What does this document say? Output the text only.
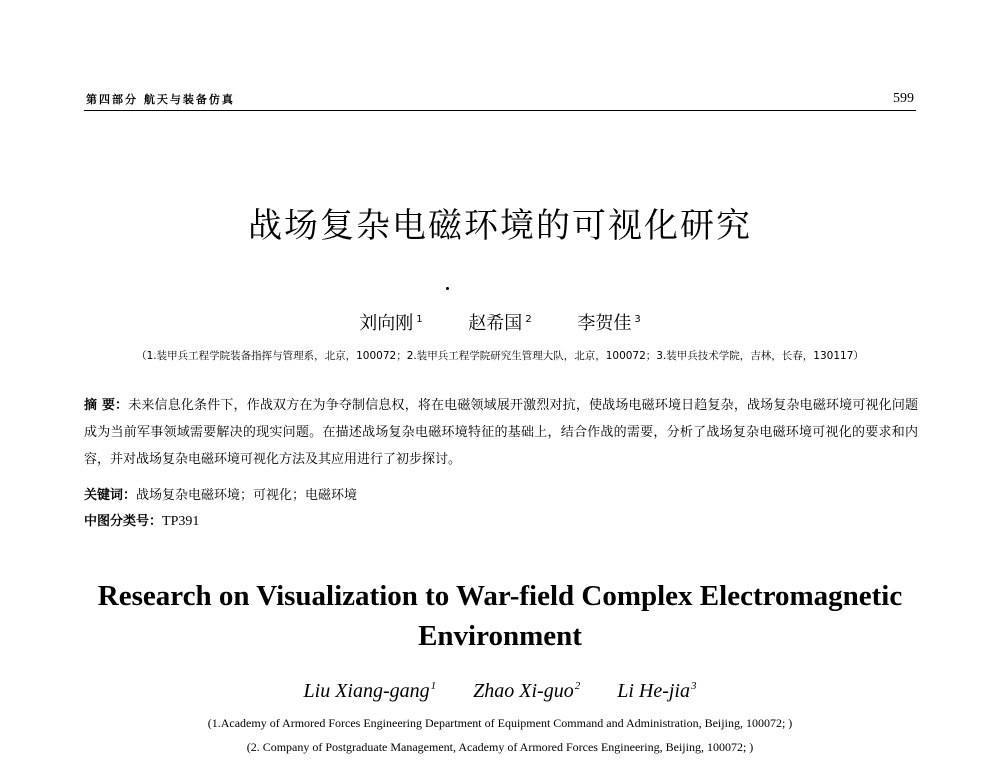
第四部分 航天与装备仿真	599
战场复杂电磁环境的可视化研究
刘向刚 $^1$	赵希国 $^2$	李贺佳 $^3$
（1.装甲兵工程学院装备指挥与管理系，北京，100072；2.装甲兵工程学院研究生管理大队，北京，100072；3.装甲兵技术学院，吉林，长春，130117）
摘 要：未来信息化条件下，作战双方在为争夺制信息权，将在电磁领域展开激烈对抗，使战场电磁环境日趋复杂，战场复杂电磁环境可视化问题成为当前军事领域需要解决的现实问题。在描述战场复杂电磁环境特征的基础上，结合作战的需要，分析了战场复杂电磁环境可视化的要求和内容，并对战场复杂电磁环境可视化方法及其应用进行了初步探讨。
关键词：战场复杂电磁环境；可视化；电磁环境
中图分类号：TP391
Research on Visualization to War-field Complex Electromagnetic Environment
Liu Xiang-gang$^1$ Zhao Xi-guo$^2$ Li He-jia$^3$
(1.Academy of Armored Forces Engineering Department of Equipment Command and Administration, Beijing, 100072; )
(2. Company of Postgraduate Management, Academy of Armored Forces Engineering, Beijing, 100072; )
